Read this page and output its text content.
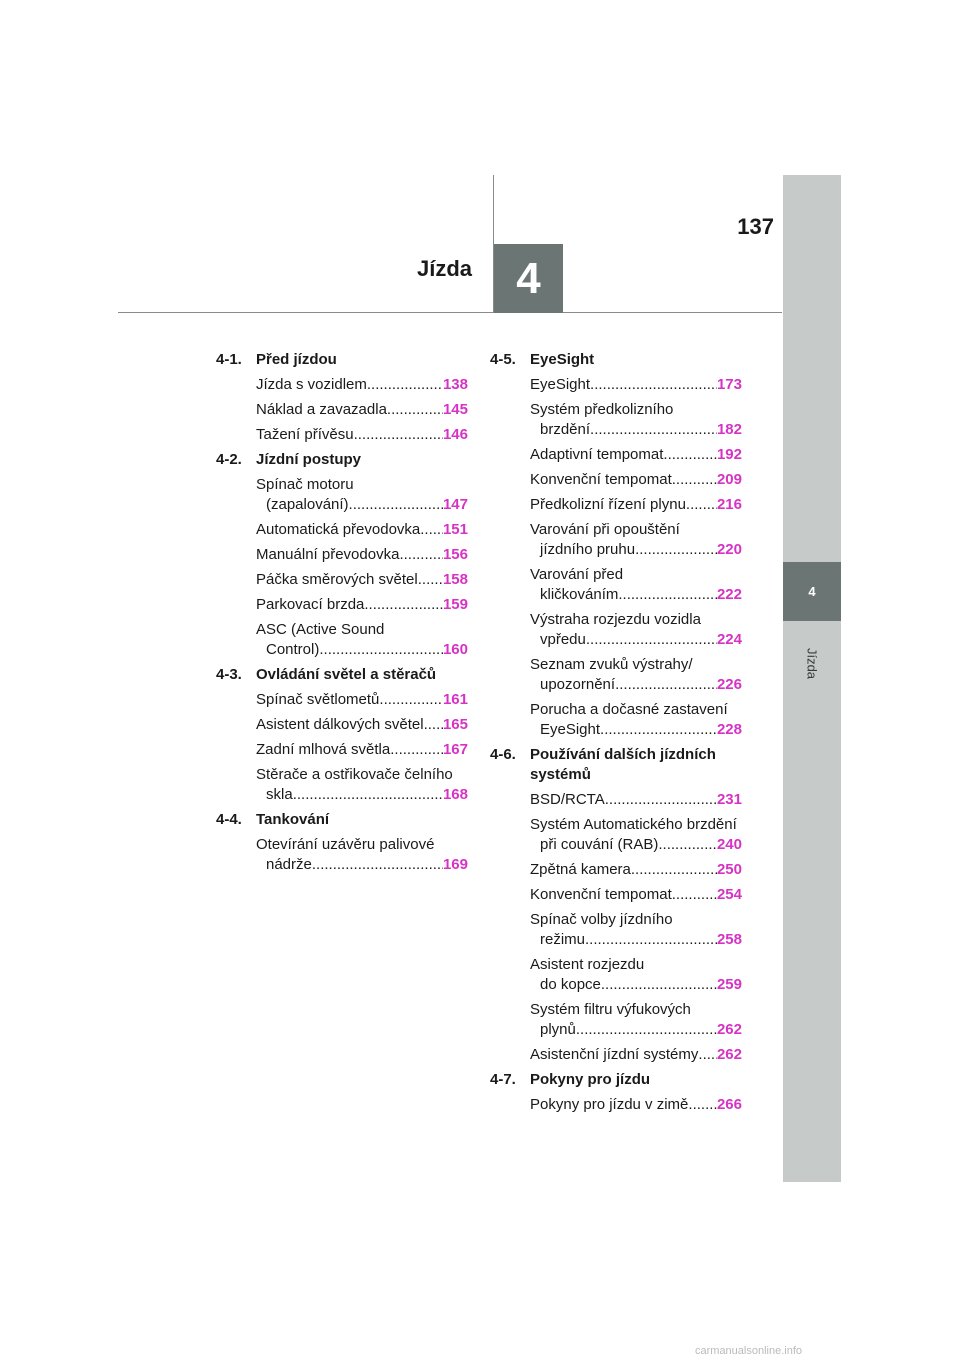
137
Jízda	4
4
Jízda
4-1. Před jízdou
Jízda s vozidlem .....	138
Náklad a zavazadla .....	145
Tažení přívěsu .....	146
4-2. Jízdní postupy
Spínač motoru
(zapalování) .....	147
Automatická převodovka ..... 151
Manuální převodovka .....	156
Páčka směrových světel ..... 158
Parkovací brzda .....	159
ASC (Active Sound
Control) .....	160
4-3. Ovládání světel a stěračů
Spínač světlometů .....	161
Asistent dálkových světel ..... 165
Zadní mlhová světla .....	167
Stěrače a ostřikovače čelního
skla .....	168
4-4. Tankování
Otevírání uzávěru palivové
nádrže .....	169
4-5. EyeSight
EyeSight .....	173
Systém předkolizního
brzdění .....	182
Adaptivní tempomat .....	192
Konvenční tempomat .....	209
Předkolizní řízení plynu ..... 216
Varování při opouštění
jízdního pruhu .....	220
Varování před
kličkováním .....	222
Výstraha rozjezdu vozidla
vpředu .....	224
Seznam zvuků výstrahy/
upozornění .....	226
Porucha a dočasné zastavení
EyeSight .....	228
4-6. Používání dalších jízdních systémů
BSD/RCTA .....	231
Systém Automatického brzdění
při couvání (RAB) .....	240
Zpětná kamera .....	250
Konvenční tempomat .....	254
Spínač volby jízdního
režimu .....	258
Asistent rozjezdu
do kopce .....	259
Systém filtru výfukových
plynů .....	262
Asistenční jízdní systémy ..... 262
4-7. Pokyny pro jízdu
Pokyny pro jízdu v zimě ..... 266
carmanualsonline.info
